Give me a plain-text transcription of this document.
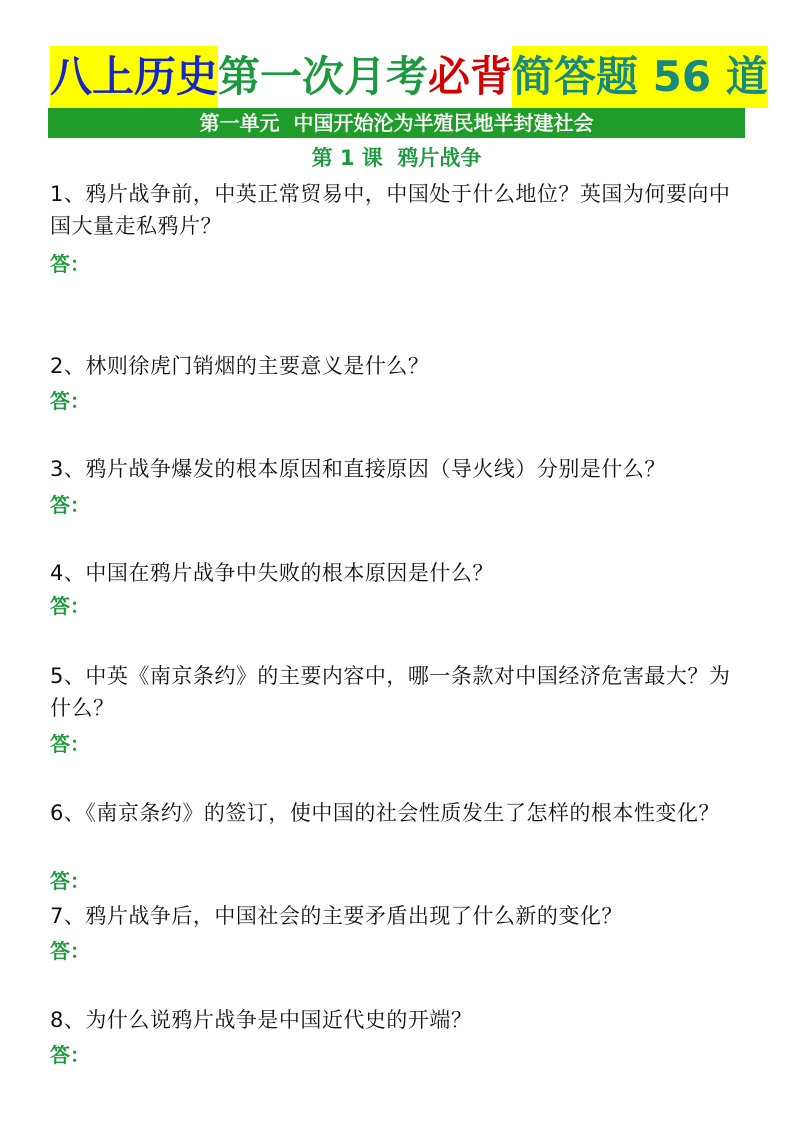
八上历史 第一次月考 必背 简答题 56 道
第一单元  中国开始沦为半殖民地半封建社会
第 1 课  鸦片战争
1、鸦片战争前，中英正常贸易中，中国处于什么地位？英国为何要向中国大量走私鸦片？
答：
2、林则徐虎门销烟的主要意义是什么？
答：
3、鸦片战争爆发的根本原因和直接原因（导火线）分别是什么？
答：
4、中国在鸦片战争中失败的根本原因是什么？
答：
5、中英《南京条约》的主要内容中，哪一条款对中国经济危害最大？为什么？
答：
6、《南京条约》的签订，使中国的社会性质发生了怎样的根本性变化？
答：
7、鸦片战争后，中国社会的主要矛盾出现了什么新的变化？
答：
8、为什么说鸦片战争是中国近代史的开端？
答：
